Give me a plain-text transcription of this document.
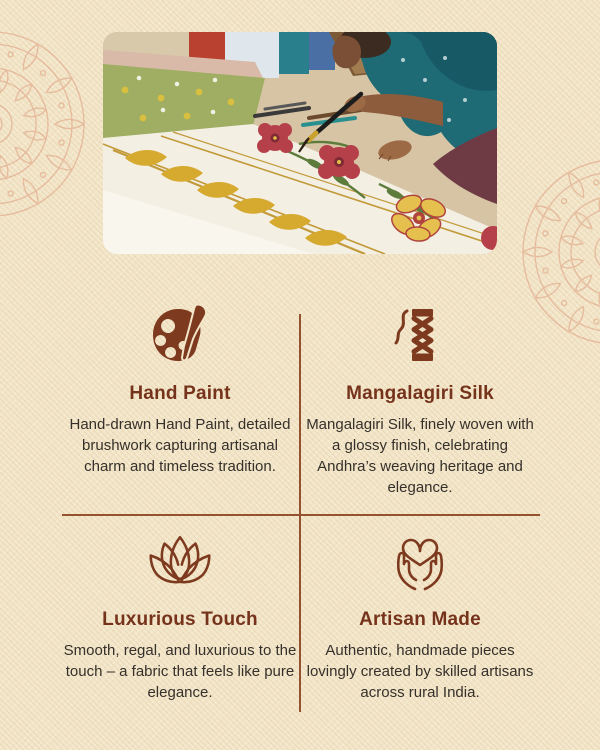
Hand Paint

Hand-drawn Hand Paint, detailed brushwork capturing artisanal charm and timeless tradition.

Mangalagiri Silk

Mangalagiri Silk, finely woven with a glossy finish, celebrating Andhra’s weaving heritage and elegance.

Luxurious Touch

Smooth, regal, and luxurious to the touch – a fabric that feels like pure elegance.

Artisan Made

Authentic, handmade pieces lovingly created by skilled artisans across rural India.
